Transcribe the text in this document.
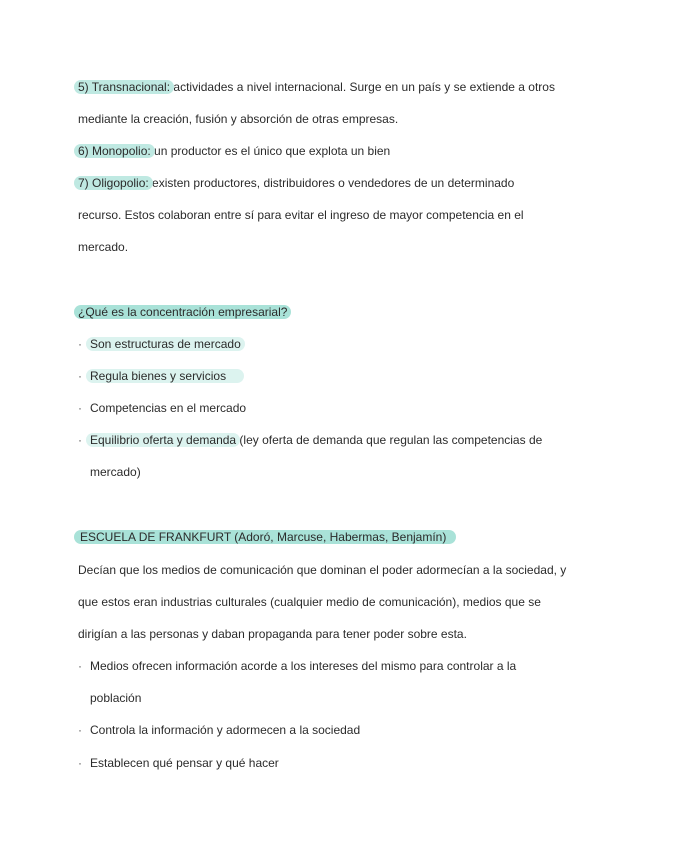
5) Transnacional: actividades a nivel internacional. Surge en un país y se extiende a otros
mediante la creación, fusión y absorción de otras empresas.
6) Monopolio: un productor es el único que explota un bien
7) Oligopolio: existen productores, distribuidores o vendedores de un determinado
recurso. Estos colaboran entre sí para evitar el ingreso de mayor competencia en el
mercado.
¿Qué es la concentración empresarial?
· Son estructuras de mercado
· Regula bienes y servicios
· Competencias en el mercado
· Equilibrio oferta y demanda (ley oferta de demanda que regulan las competencias de
mercado)
ESCUELA DE FRANKFURT (Adoró, Marcuse, Habermas, Benjamín)
Decían que los medios de comunicación que dominan el poder adormecían a la sociedad, y
que estos eran industrias culturales (cualquier medio de comunicación), medios que se
dirigían a las personas y daban propaganda para tener poder sobre esta.
· Medios ofrecen información acorde a los intereses del mismo para controlar a la
población
· Controla la información y adormecen a la sociedad
· Establecen qué pensar y qué hacer
